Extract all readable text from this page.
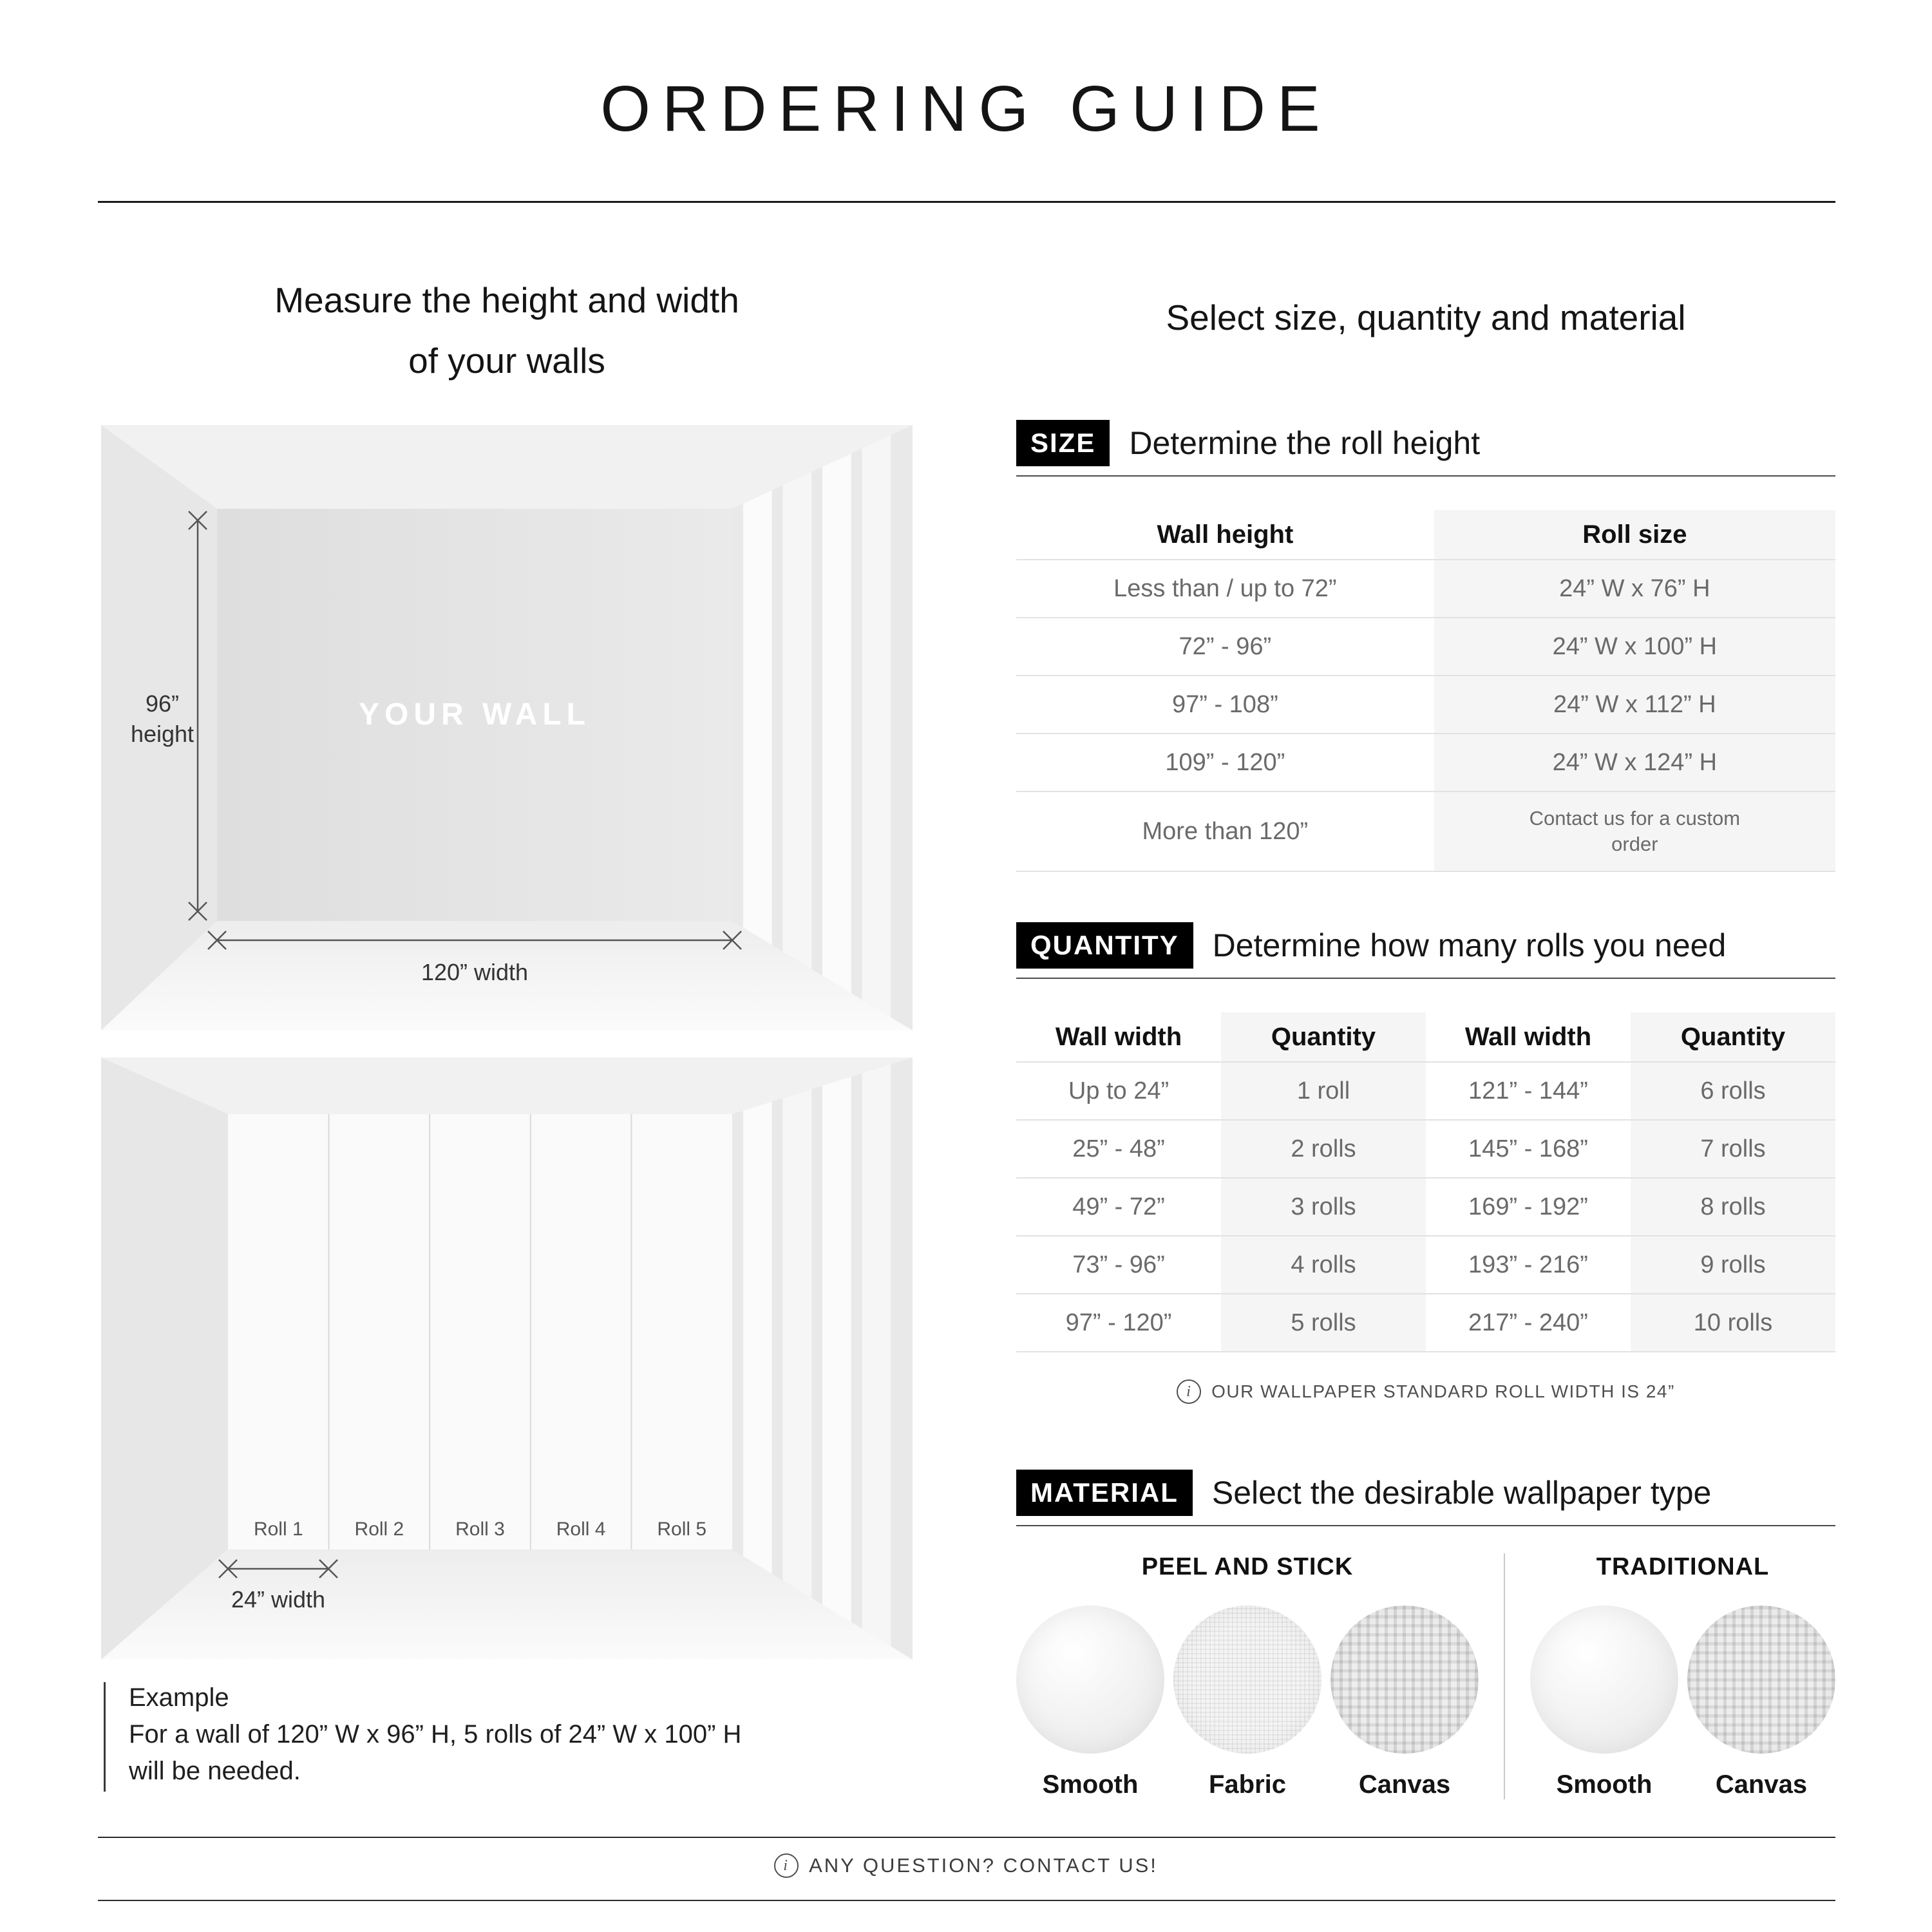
ORDERING GUIDE
Measure the height and width
of your walls
Select size, quantity and material
YOUR WALL
96”
height
120” width
Roll 1	Roll 2	Roll 3	Roll 4	Roll 5
24” width
Example
For a wall of 120” W x 96” H, 5 rolls of 24” W x 100” H
will be needed.
SIZE	Determine the roll height
Wall height	Roll size
Less than / up to 72”	24” W x 76” H
72” - 96”	24” W x 100” H
97” - 108”	24” W x 112” H
109” - 120”	24” W x 124” H
More than 120”	Contact us for a custom order
QUANTITY	Determine how many rolls you need
Wall width	Quantity	Wall width	Quantity
Up to 24”	1 roll	121” - 144”	6 rolls
25” - 48”	2 rolls	145” - 168”	7 rolls
49” - 72”	3 rolls	169” - 192”	8 rolls
73” - 96”	4 rolls	193” - 216”	9 rolls
97” - 120”	5 rolls	217” - 240”	10 rolls
i	OUR WALLPAPER STANDARD ROLL WIDTH IS 24”
MATERIAL	Select the desirable wallpaper type
PEEL AND STICK
Smooth	Fabric	Canvas
TRADITIONAL
Smooth Canvas
i ANY QUESTION? CONTACT US!
